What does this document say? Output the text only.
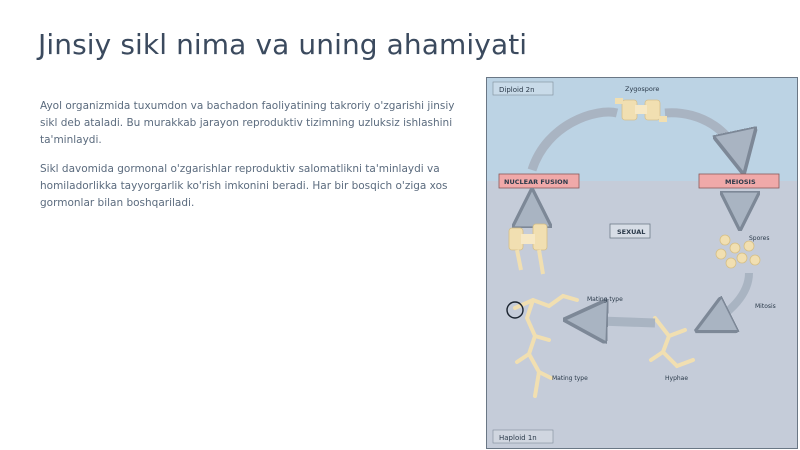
Jinsiy sikl nima va uning ahamiyati

Ayol organizmida tuxumdon va bachadon faoliyatining takroriy o'zgarishi jinsiy sikl deb ataladi. Bu murakkab jarayon reproduktiv tizimning uzluksiz ishlashini ta'minlaydi.

Sikl davomida gormonal o'zgarishlar reproduktiv salomatlikni ta'minlaydi va homiladorlikka tayyorgarlik ko'rish imkonini beradi. Har bir bosqich o'ziga xos gormonlar bilan boshqariladi.

Diploid 2n
Haploid 1n
Zygospore
NUCLEAR FUSION	MEIOSIS
SEXUAL
Spores
Mitosis
Hyphae
Mating type
Mating type
